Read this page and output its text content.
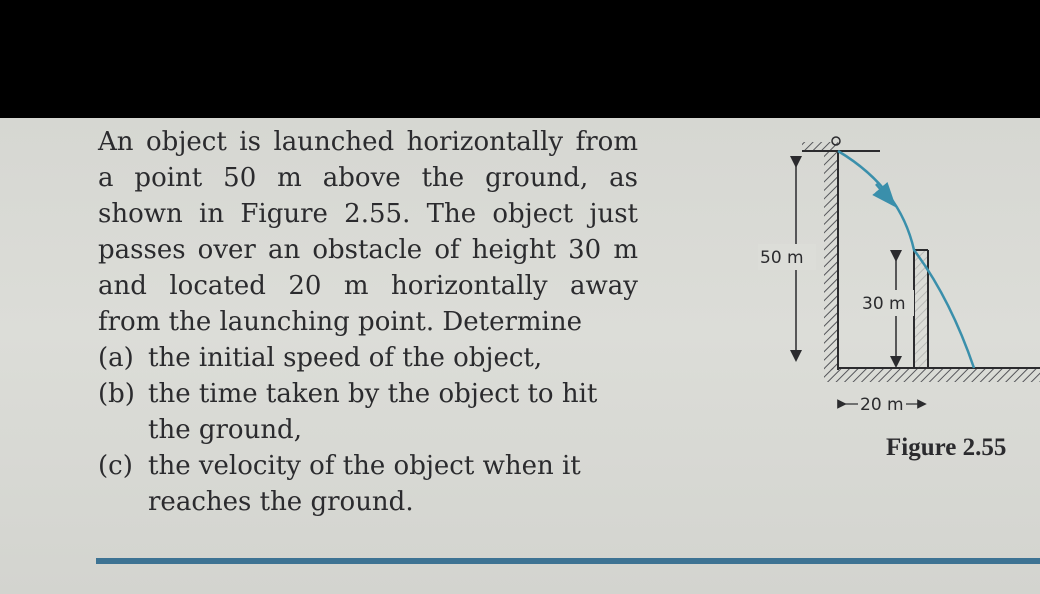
An object is launched horizontally from
a point 50 m above the ground, as
shown in Figure 2.55. The object just
passes over an obstacle of height 30 m
and located 20 m horizontally away
from the launching point. Determine
(a) the initial speed of the object,
(b) the time taken by the object to hit the ground,
(c) the velocity of the object when it reaches the ground.
50 m
30 m
20 m
Figure 2.55
